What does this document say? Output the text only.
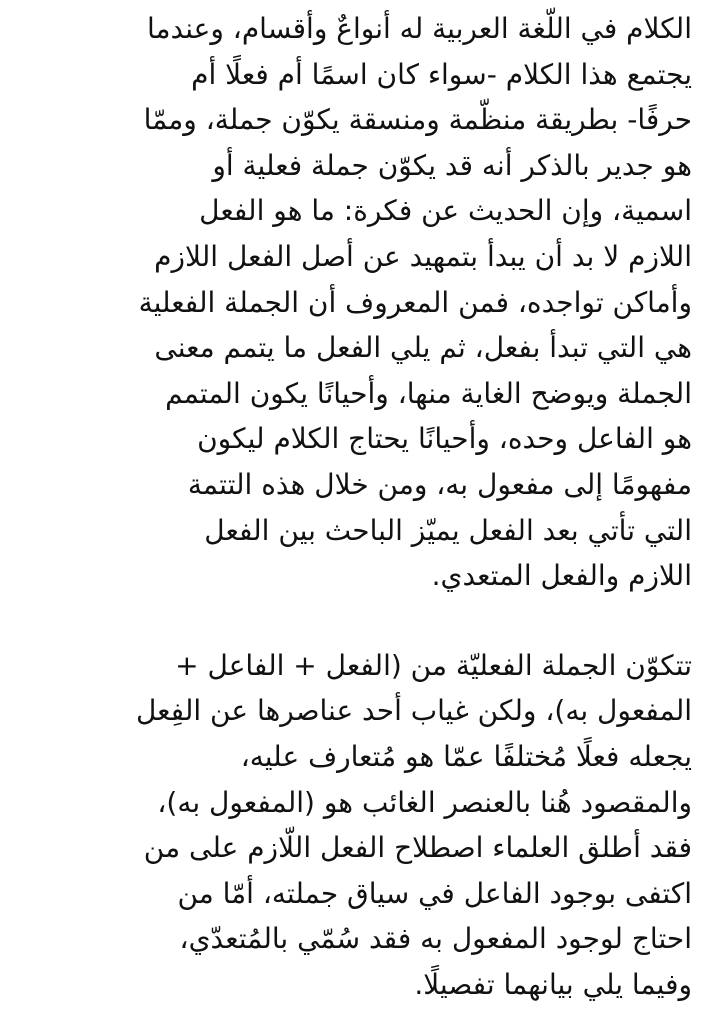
الكلام في اللّغة العربية له أنواعٌ وأقسام، وعندما
يجتمع هذا الكلام -سواء كان اسمًا أم فعلًا أم
حرفًا- بطريقة منظّمة ومنسقة يكوّن جملة، وممّا
هو جدير بالذكر أنه قد يكوّن جملة فعلية أو
اسمية، وإن الحديث عن فكرة: ما هو الفعل
اللازم لا بد أن يبدأ بتمهيد عن أصل الفعل اللازم
وأماكن تواجده، فمن المعروف أن الجملة الفعلية
هي التي تبدأ بفعل، ثم يلي الفعل ما يتمم معنى
الجملة ويوضح الغاية منها، وأحيانًا يكون المتمم
هو الفاعل وحده، وأحيانًا يحتاج الكلام ليكون
مفهومًا إلى مفعول به، ومن خلال هذه التتمة
التي تأتي بعد الفعل يميّز الباحث بين الفعل
اللازم والفعل المتعدي.
تتكوّن الجملة الفعليّة من (الفعل + الفاعل +
المفعول به)، ولكن غياب أحد عناصرها عن الفِعل
يجعله فعلًا مُختلفًا عمّا هو مُتعارف عليه،
والمقصود هُنا بالعنصر الغائب هو (المفعول به)،
فقد أطلق العلماء اصطلاح الفعل اللّازم على من
اكتفى بوجود الفاعل في سياق جملته، أمّا من
احتاج لوجود المفعول به فقد سُمّي بالمُتعدّي،
وفيما يلي بيانهما تفصيلًا.
